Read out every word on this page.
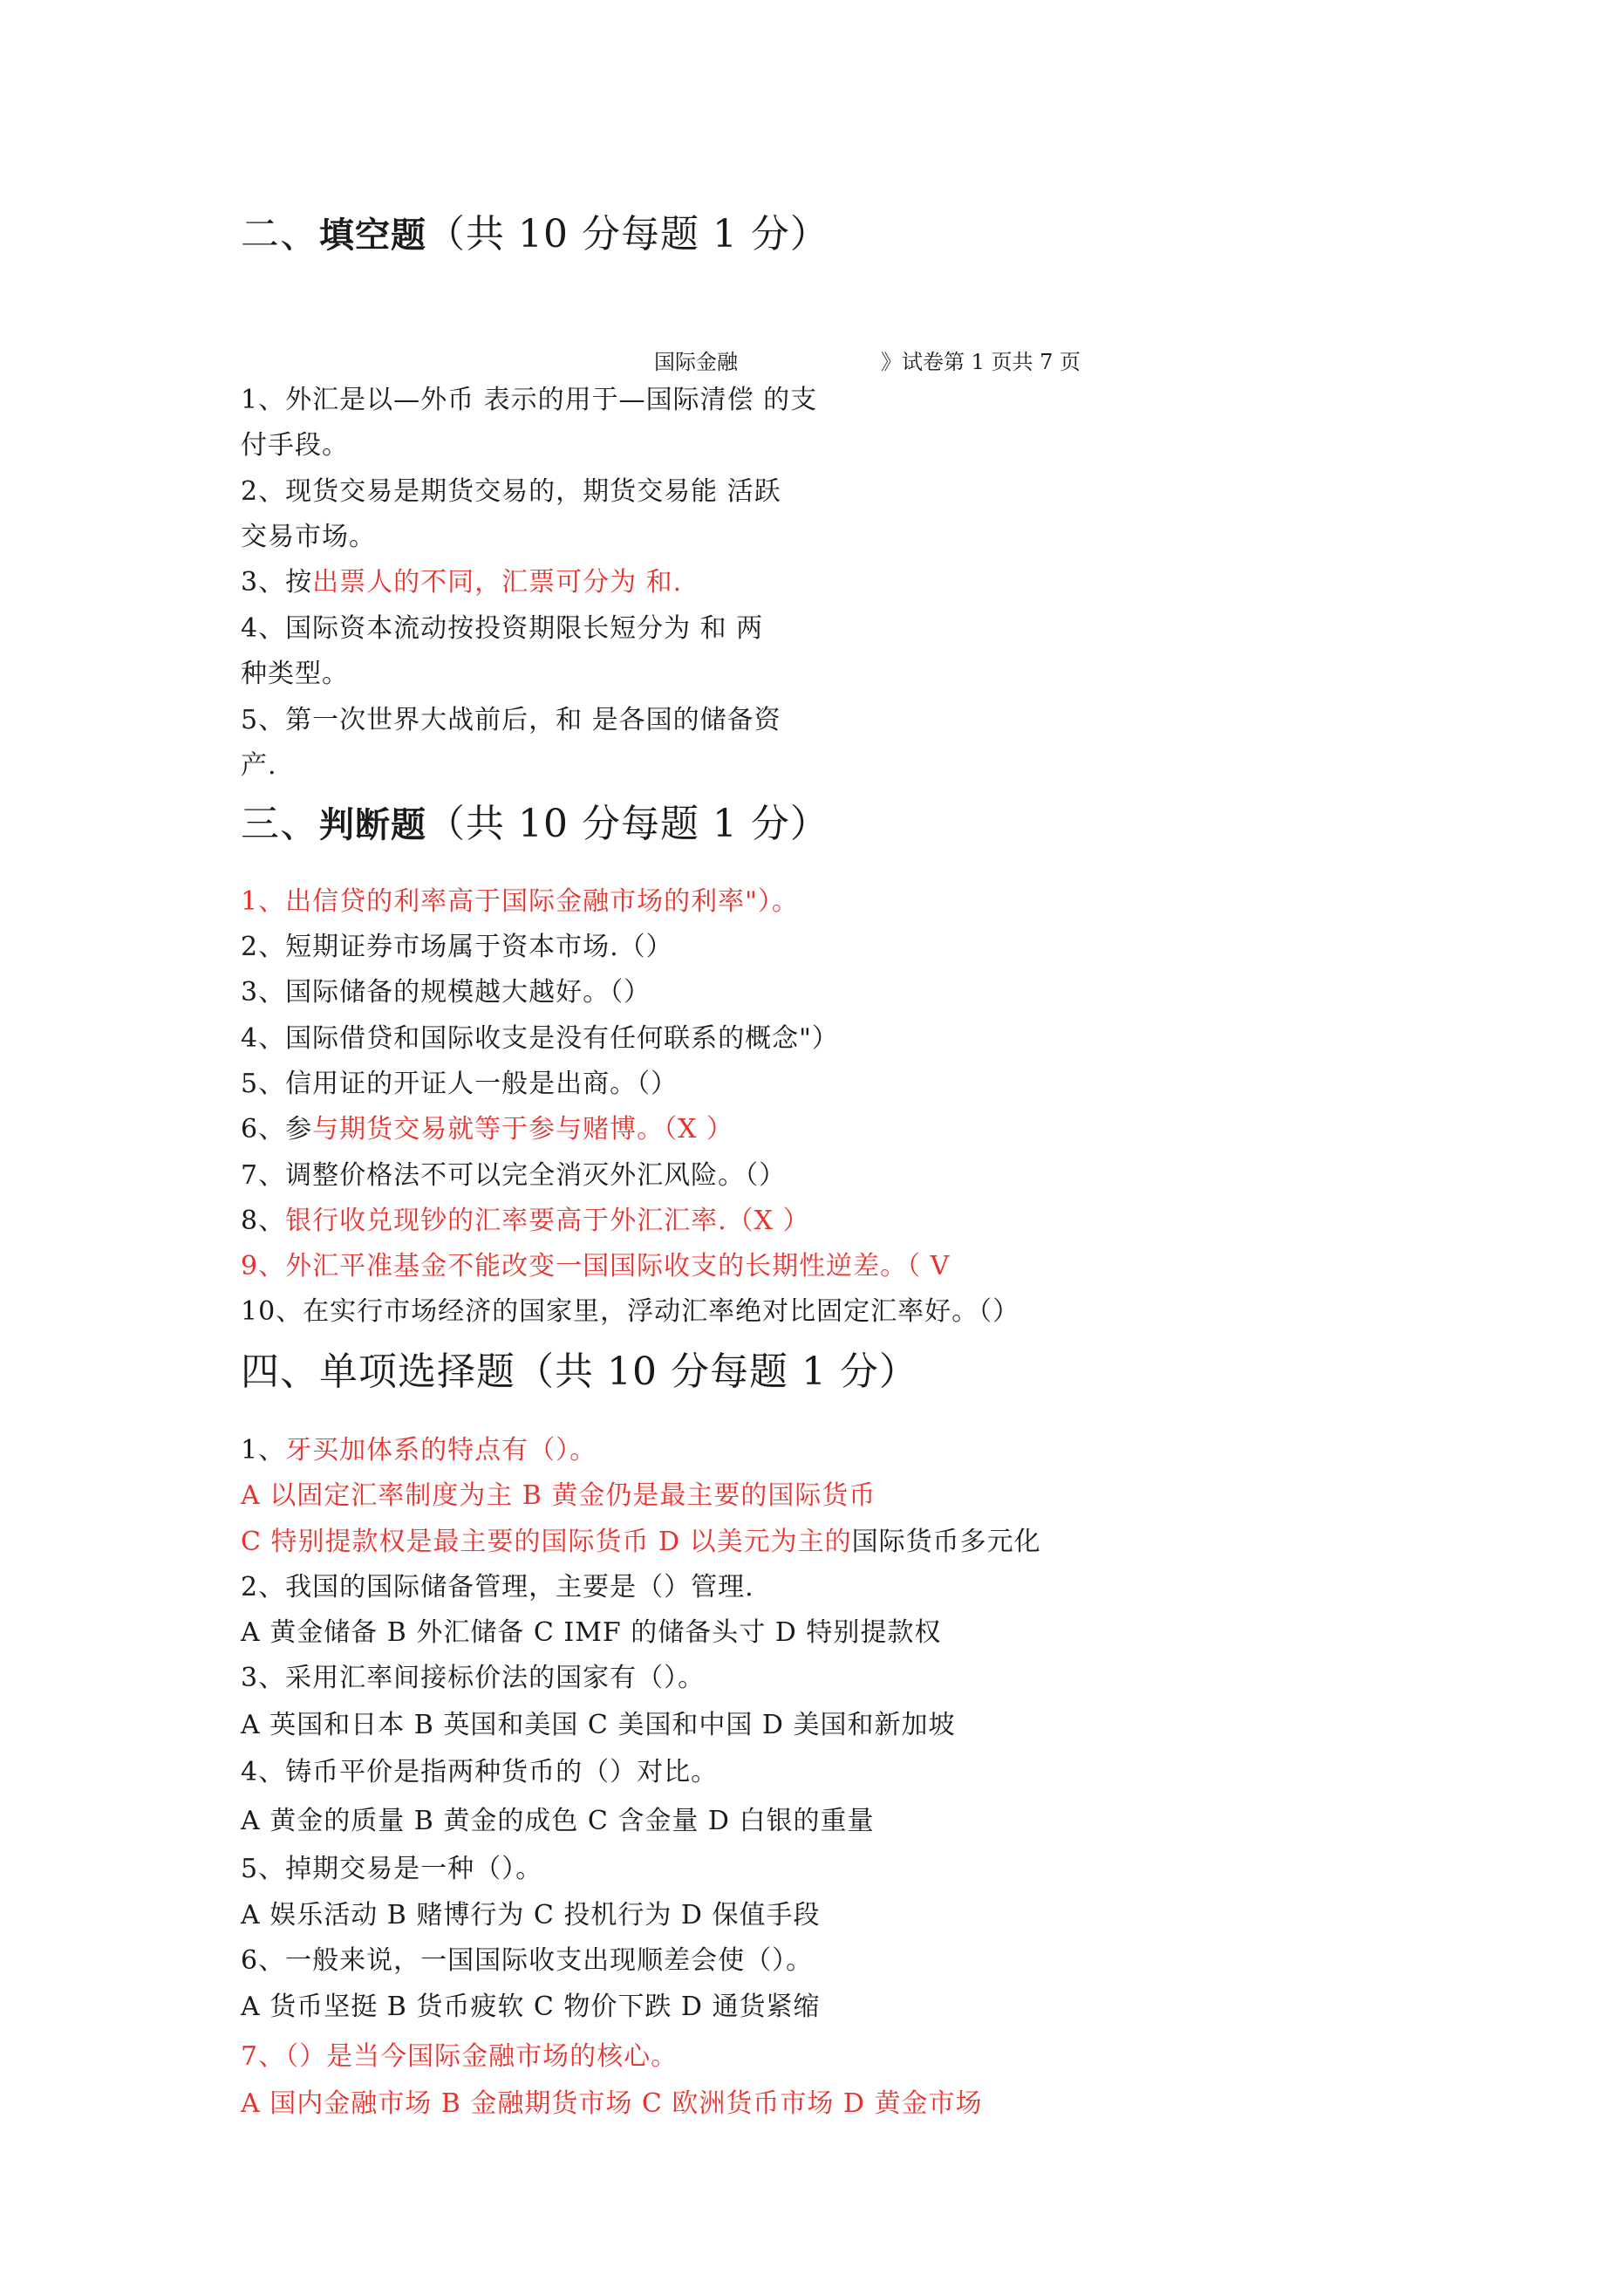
二、填空题（共 10 分每题 1 分）
国际金融	》试卷第 1 页共 7 页
1、外汇是以—外币 表示的用于—国际清偿 的支
付手段。
2、现货交易是期货交易的，期货交易能 活跃
交易市场。
3、按出票人的不同，汇票可分为 和.
4、国际资本流动按投资期限长短分为 和 两
种类型。
5、第一次世界大战前后，和 是各国的储备资
产.
三、判断题（共 10 分每题 1 分）
1、出信贷的利率高于国际金融市场的利率"）。
2、短期证券市场属于资本市场.（）
3、国际储备的规模越大越好。（）
4、国际借贷和国际收支是没有任何联系的概念"）
5、信用证的开证人一般是出商。（）
6、参与期货交易就等于参与赌博。（X ）
7、调整价格法不可以完全消灭外汇风险。（）
8、银行收兑现钞的汇率要高于外汇汇率.（X ）
9、外汇平准基金不能改变一国国际收支的长期性逆差。（ V
10、在实行市场经济的国家里，浮动汇率绝对比固定汇率好。（）
四、单项选择题（共 10 分每题 1 分）
1、牙买加体系的特点有（）。
A 以固定汇率制度为主 B 黄金仍是最主要的国际货币
C 特别提款权是最主要的国际货币 D 以美元为主的国际货币多元化
2、我国的国际储备管理，主要是（）管理.
A 黄金储备 B 外汇储备 C IMF 的储备头寸 D 特别提款权
3、采用汇率间接标价法的国家有（）。
A 英国和日本 B 英国和美国 C 美国和中国 D 美国和新加坡
4、铸币平价是指两种货币的（）对比。
A 黄金的质量 B 黄金的成色 C 含金量 D 白银的重量
5、掉期交易是一种（）。
A 娱乐活动 B 赌博行为 C 投机行为 D 保值手段
6、一般来说，一国国际收支出现顺差会使（）。
A 货币坚挺 B 货币疲软 C 物价下跌 D 通货紧缩
7、（）是当今国际金融市场的核心。
A 国内金融市场 B 金融期货市场 C 欧洲货币市场 D 黄金市场
